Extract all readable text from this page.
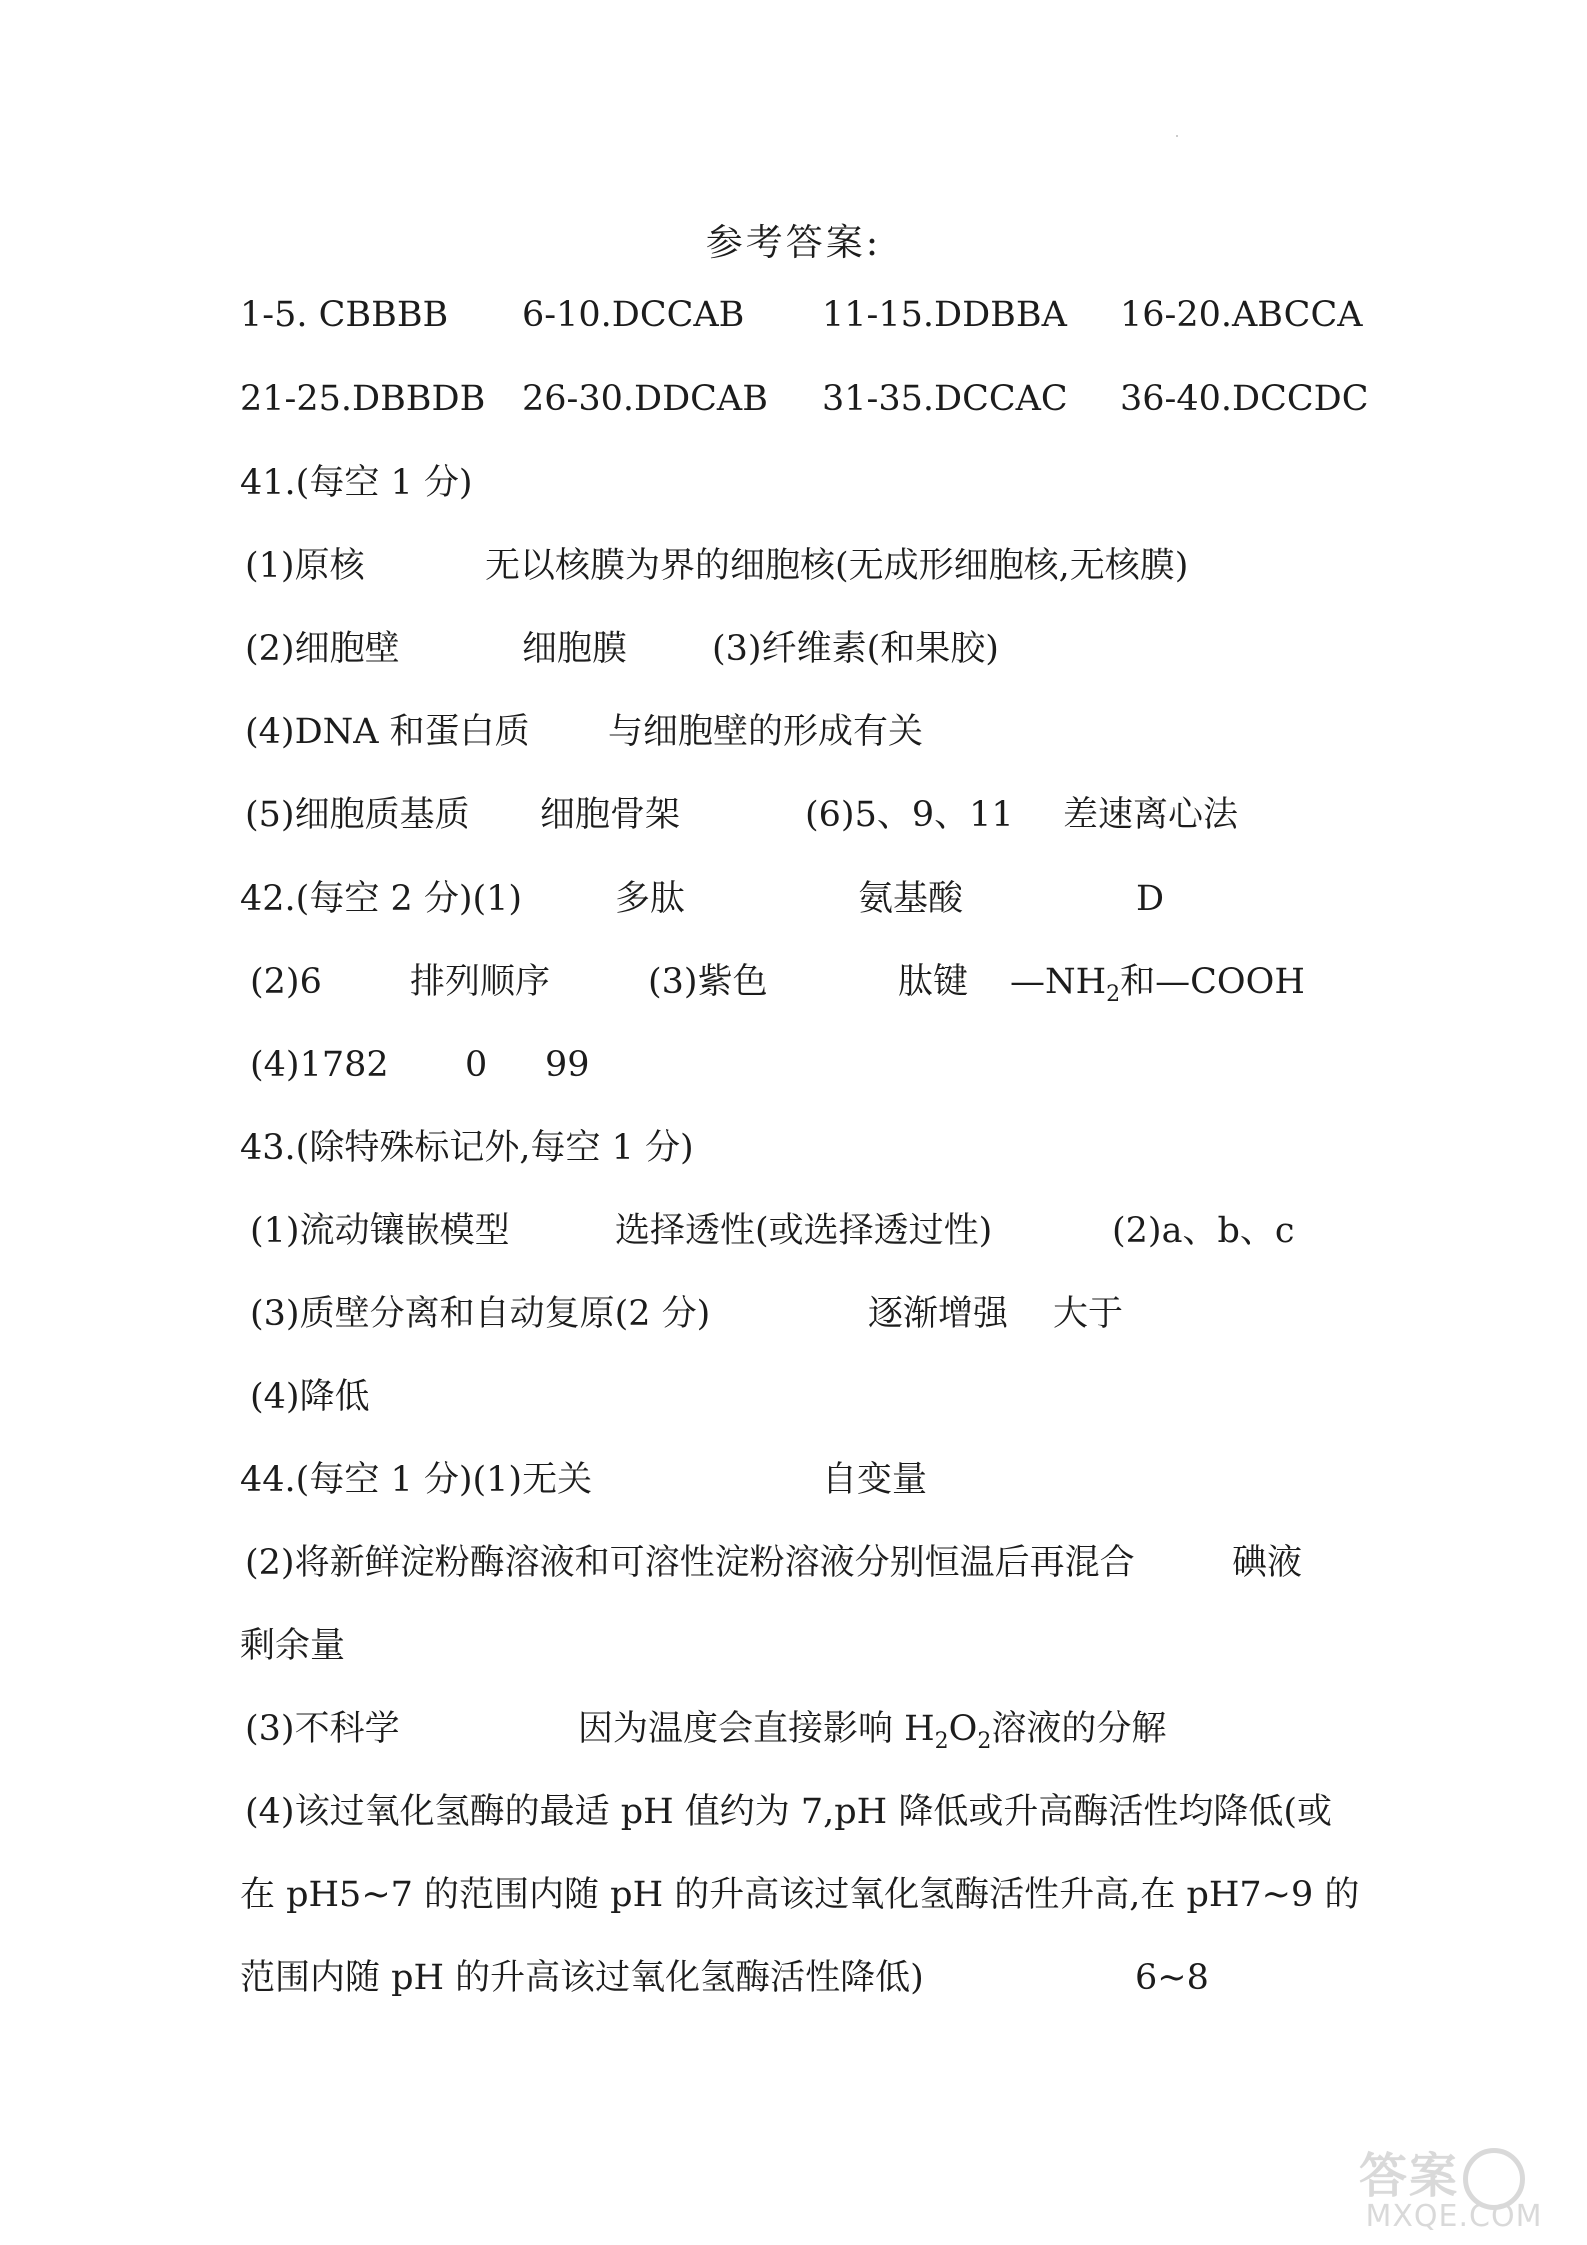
参考答案:
1-5. CBBBB 6-10.DCCAB 11-15.DDBBA 16-20.ABCCA
21-25.DBBDB 26-30.DDCAB 31-35.DCCAC 36-40.DCCDC
41.(每空 1 分)
(1)原核	无以核膜为界的细胞核(无成形细胞核,无核膜)
(2)细胞壁	细胞膜 (3)纤维素(和果胶)
(4)DNA 和蛋白质 与细胞壁的形成有关
(5)细胞质基质 细胞骨架	(6)5、9、11 差速离心法
42.(每空 2 分)(1)	多肽	氨基酸	D
(2)6	排列顺序	(3)紫色	肽键 $—NH_2$和—COOH
(4)1782 0 99
43.(除特殊标记外,每空 1 分)
(1)流动镶嵌模型	选择透性(或选择透过性)	(2)a、b、c
(3)质壁分离和自动复原(2 分)	逐渐增强 大于
(4)降低
44.(每空 1 分)(1)无关	自变量
(2)将新鲜淀粉酶溶液和可溶性淀粉溶液分别恒温后再混合	碘液
剩余量
(3)不科学	因为温度会直接影响 $H_2O_2$溶液的分解
(4)该过氧化氢酶的最适 pH 值约为 7,pH 降低或升高酶活性均降低(或
在 pH5~7 的范围内随 pH 的升高该过氧化氢酶活性升高,在 pH7~9 的
范围内随 pH 的升高该过氧化氢酶活性降低)	6~8
答案
MXQE.COM
